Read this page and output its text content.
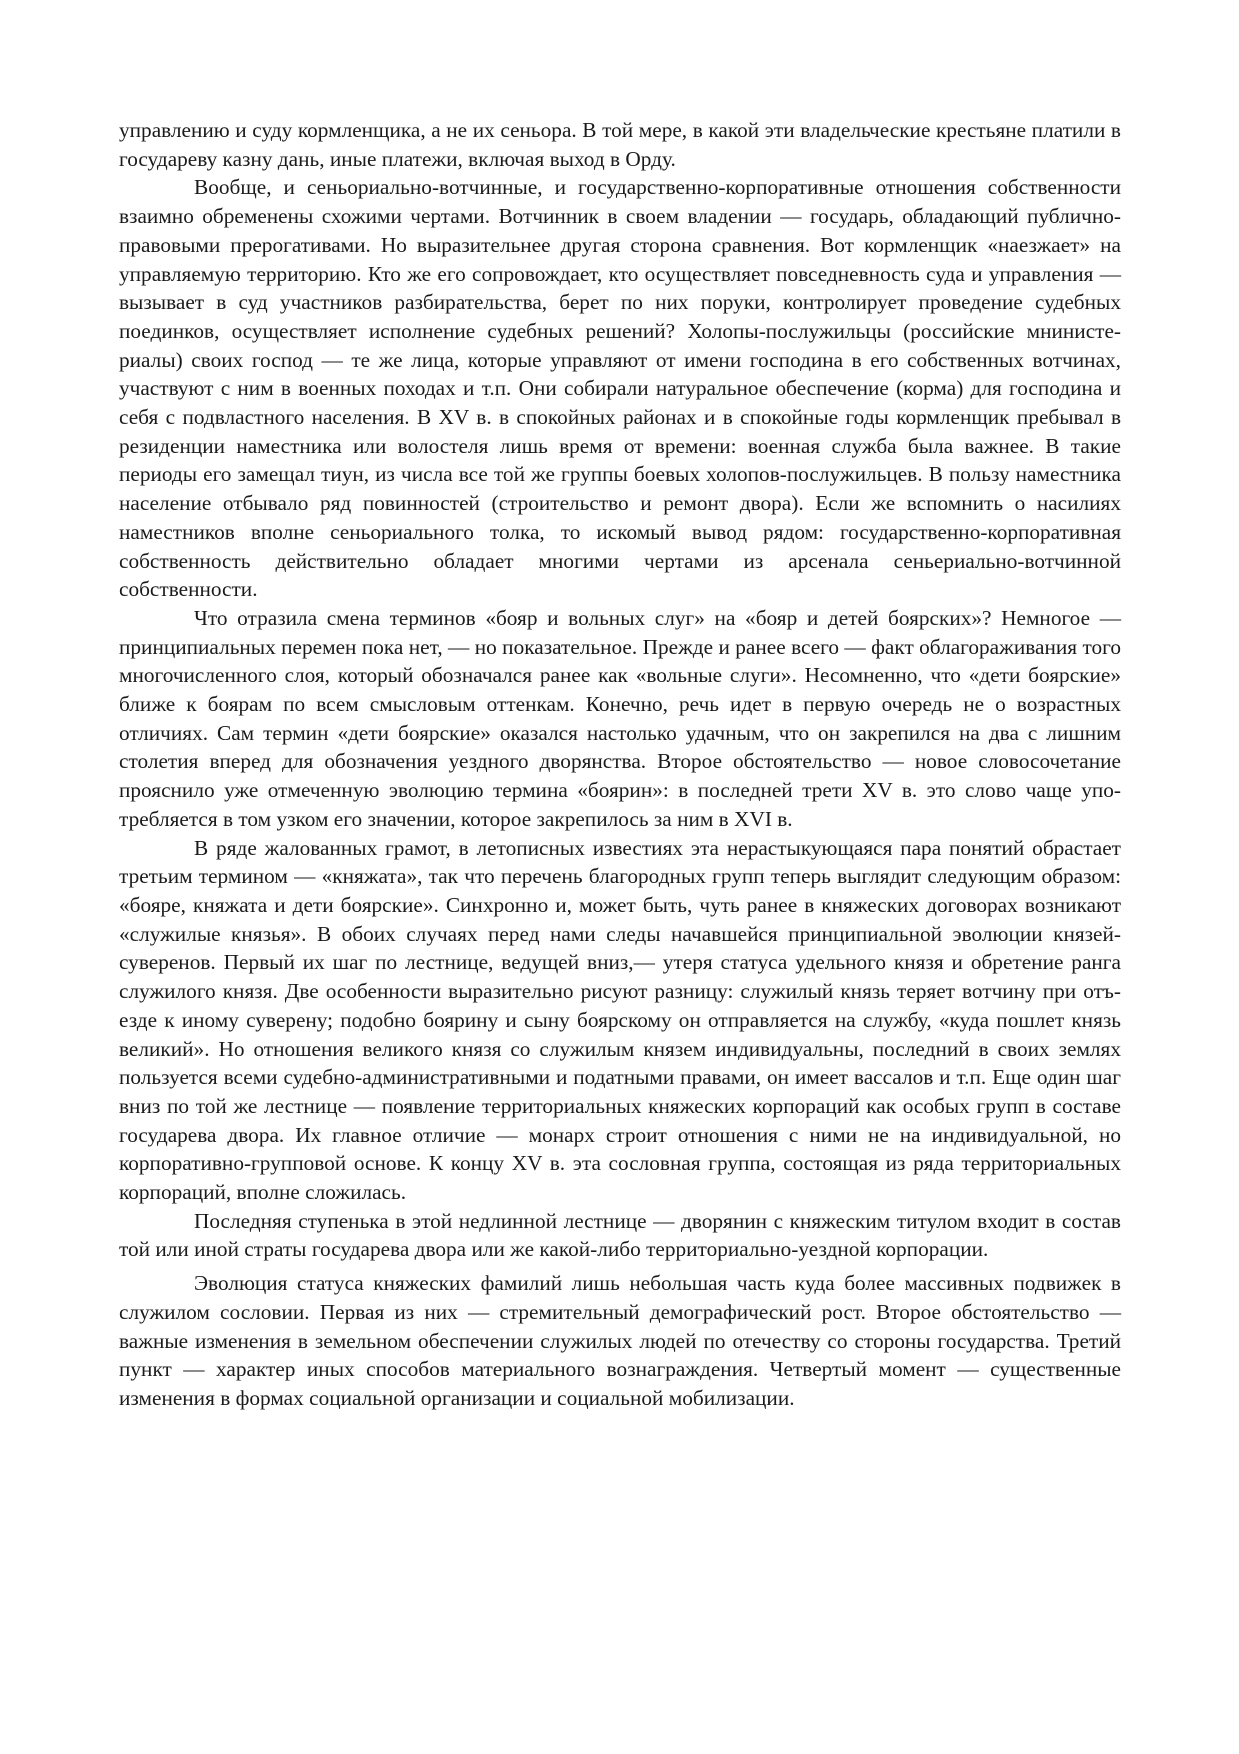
управлению и суду кормленщика, а не их сеньора. В той мере, в какой эти владельческие крестьяне платили в государеву казну дань, иные платежи, включая выход в Орду.

Вообще, и сеньориально-вотчинные, и государственно-корпоративные отношения собственности взаимно обременены схожими чертами. Вотчинник в своем владении — государь, обладающий публично-правовыми прерогативами. Но выразительнее другая сторона сравнения. Вот кормленщик «наезжает» на управляемую территорию. Кто же его сопровождает, кто осуществляет повседневность суда и управления — вызывает в суд участников разбирательства, берет по них поруки, контролирует проведение судебных поединков, осуществляет исполнение судебных решений? Холопы-послужильцы (российские мнинистериалы) своих господ — те же лица, которые управляют от имени господина в его собственных вотчинах, участвуют с ним в военных походах и т.п. Они собирали натуральное обеспечение (корма) для господина и себя с подвластного населения. В XV в. в спокойных районах и в спокойные годы кормленщик пребывал в резиденции наместника или волостеля лишь время от времени: военная служба была важнее. В такие периоды его замещал тиун, из числа все той же группы боевых холопов-послужильцев. В пользу наместника население отбывало ряд повинностей (строительство и ремонт двора). Если же вспомнить о насилиях наместников вполне сеньориального толка, то искомый вывод рядом: государственно-корпоративная собственность действительно обладает многими чертами из арсенала сеньериально-вотчинной собственности.

Что отразила смена терминов «бояр и вольных слуг» на «бояр и детей боярских»? Немногое — принципиальных перемен пока нет, — но показательное. Прежде и ранее всего — факт облагораживания того многочисленного слоя, который обозначался ранее как «вольные слуги». Несомненно, что «дети боярские» ближе к боярам по всем смысловым оттенкам. Конечно, речь идет в первую очередь не о возрастных отличиях. Сам термин «дети боярские» оказался настолько удачным, что он закрепился на два с лишним столетия вперед для обозначения уездного дворянства. Второе обстоятельство — новое словосочетание прояснило уже отмеченную эволюцию термина «боярин»: в последней трети XV в. это слово чаще употребляется в том узком его значении, которое закрепилось за ним в XVI в.

В ряде жалованных грамот, в летописных известиях эта нерастыкующаяся пара понятий обрастает третьим термином — «княжата», так что перечень благородных групп теперь выглядит следующим образом: «бояре, княжата и дети боярские». Синхронно и, может быть, чуть ранее в княжеских договорах возникают «служилые князья». В обоих случаях перед нами следы начавшейся принципиальной эволюции князей-суверенов. Первый их шаг по лестнице, ведущей вниз,— утеря статуса удельного князя и обретение ранга служилого князя. Две особенности выразительно рисуют разницу: служилый князь теряет вотчину при отъезде к иному суверену; подобно боярину и сыну боярскому он отправляется на службу, «куда пошлет князь великий». Но отношения великого князя со служилым князем индивидуальны, последний в своих землях пользуется всеми судебно-административными и податными правами, он имеет вассалов и т.п. Еще один шаг вниз по той же лестнице — появление территориальных княжеских корпораций как особых групп в составе государева двора. Их главное отличие — монарх строит отношения с ними не на индивидуальной, но корпоративно-групповой основе. К концу XV в. эта сословная группа, состоящая из ряда территориальных корпораций, вполне сложилась.

Последняя ступенька в этой недлинной лестнице — дворянин с княжеским титулом входит в состав той или иной страты государева двора или же какой-либо территориально-уездной корпорации.

Эволюция статуса княжеских фамилий лишь небольшая часть куда более массивных подвижек в служилом сословии. Первая из них — стремительный демографический рост. Второе обстоятельство — важные изменения в земельном обеспечении служилых людей по отечеству со стороны государства. Третий пункт — характер иных способов материального вознаграждения. Четвертый момент — существенные изменения в формах социальной организации и социальной мобилизации.
